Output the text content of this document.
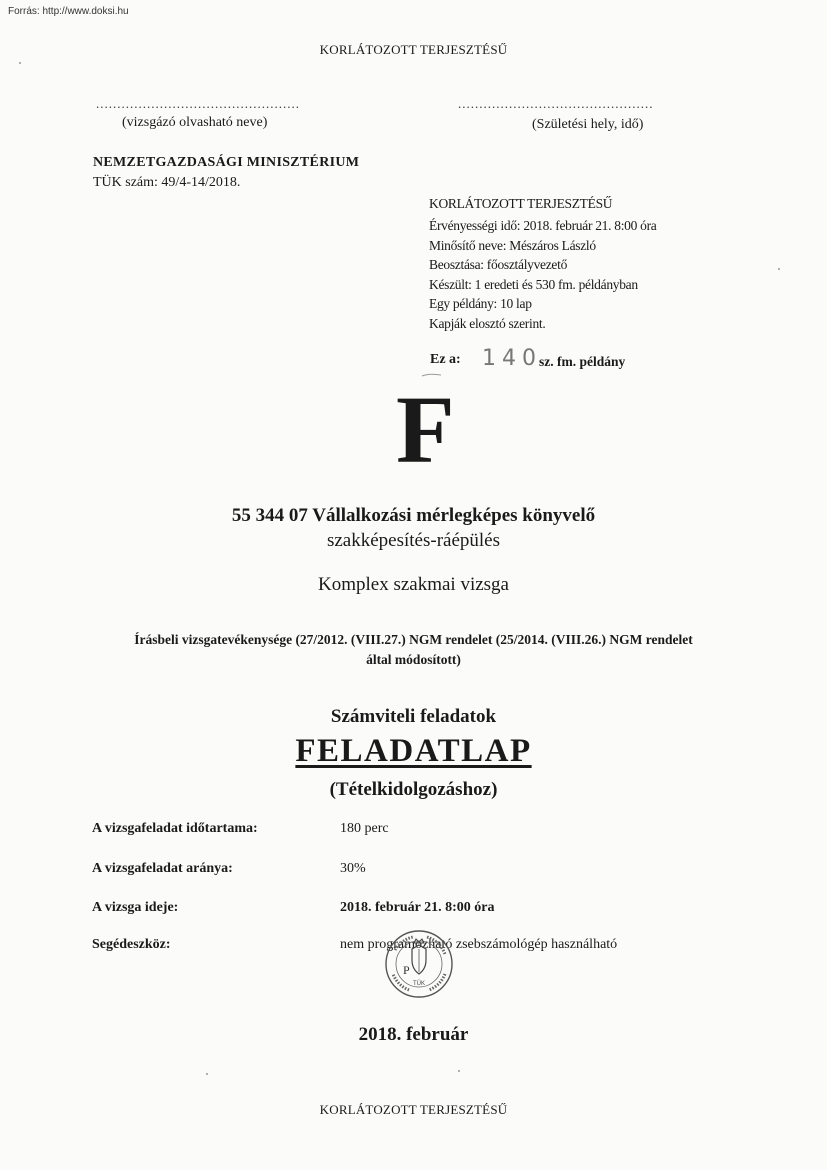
Forrás: http://www.doksi.hu
KORLÁTOZOTT TERJESZTÉSŰ
................................................	..............................................
(vizsgázó olvasható neve)	(Születési hely, idő)
NEMZETGAZDASÁGI MINISZTÉRIUM
TÜK szám: 49/4-14/2018.
KORLÁTOZOTT TERJESZTÉSŰ
Érvényességi idő: 2018. február 21. 8:00 óra
Minősítő neve: Mészáros László
Beosztása: főosztályvezető
Készült: 1 eredeti és 530 fm. példányban
Egy példány: 10 lap
Kapják elosztó szerint.
Ez a: 140
sz. fm. példány
F
55 344 07 Vállalkozási mérlegképes könyvelő
szakképesítés-ráépülés
Komplex szakmai vizsga
Írásbeli vizsgatevékenysége (27/2012. (VIII.27.) NGM rendelet (25/2014. (VIII.26.) NGM rendelet
által módosított)
Számviteli feladatok
FELADATLAP
(Tételkidolgozáshoz)
A vizsgafeladat időtartama:	180 perc
A vizsgafeladat aránya:	30%
A vizsga ideje:	2018. február 21. 8:00 óra
Segédeszköz:	nem programozható zsebszámológép használható
P
TÜK
2018. február
KORLÁTOZOTT TERJESZTÉSŰ
